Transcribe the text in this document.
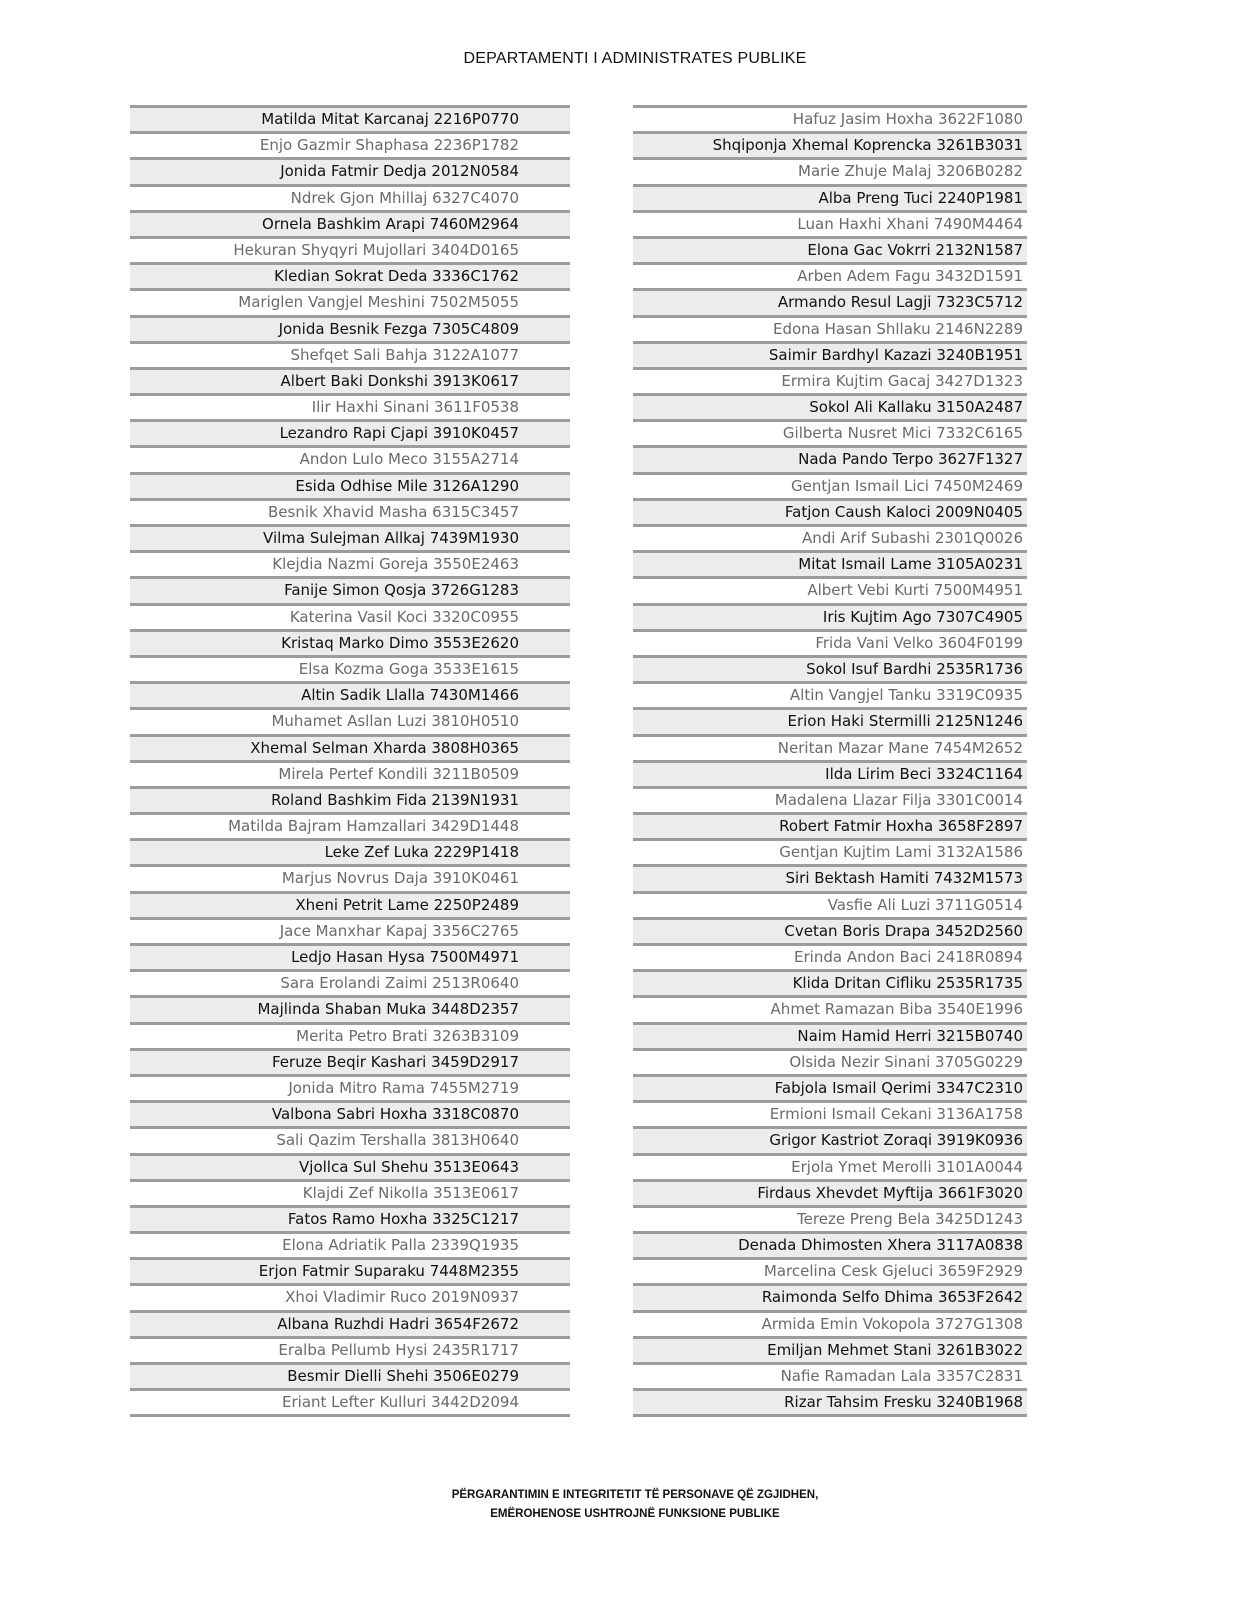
DEPARTAMENTI I ADMINISTRATES PUBLIKE
Matilda Mitat Karcanaj 2216P0770
Enjo Gazmir Shaphasa 2236P1782
Jonida Fatmir Dedja 2012N0584
Ndrek Gjon Mhillaj 6327C4070
Ornela Bashkim Arapi 7460M2964
Hekuran Shyqyri Mujollari 3404D0165
Kledian Sokrat Deda 3336C1762
Mariglen Vangjel Meshini 7502M5055
Jonida Besnik Fezga 7305C4809
Shefqet Sali Bahja 3122A1077
Albert Baki Donkshi 3913K0617
Ilir Haxhi Sinani 3611F0538
Lezandro Rapi Cjapi 3910K0457
Andon Lulo Meco 3155A2714
Esida Odhise Mile 3126A1290
Besnik Xhavid Masha 6315C3457
Vilma Sulejman Allkaj 7439M1930
Klejdia Nazmi Goreja 3550E2463
Fanije Simon Qosja 3726G1283
Katerina Vasil Koci 3320C0955
Kristaq Marko Dimo 3553E2620
Elsa Kozma Goga 3533E1615
Altin Sadik Llalla 7430M1466
Muhamet Asllan Luzi 3810H0510
Xhemal Selman Xharda 3808H0365
Mirela Pertef Kondili 3211B0509
Roland Bashkim Fida 2139N1931
Matilda Bajram Hamzallari 3429D1448
Leke Zef Luka 2229P1418
Marjus Novrus Daja 3910K0461
Xheni Petrit Lame 2250P2489
Jace Manxhar Kapaj 3356C2765
Ledjo Hasan Hysa 7500M4971
Sara Erolandi Zaimi 2513R0640
Majlinda Shaban Muka 3448D2357
Merita Petro Brati 3263B3109
Feruze Beqir Kashari 3459D2917
Jonida Mitro Rama 7455M2719
Valbona Sabri Hoxha 3318C0870
Sali Qazim Tershalla 3813H0640
Vjollca Sul Shehu 3513E0643
Klajdi Zef Nikolla 3513E0617
Fatos Ramo Hoxha 3325C1217
Elona Adriatik Palla 2339Q1935
Erjon Fatmir Suparaku 7448M2355
Xhoi Vladimir Ruco 2019N0937
Albana Ruzhdi Hadri 3654F2672
Eralba Pellumb Hysi 2435R1717
Besmir Dielli Shehi 3506E0279
Eriant Lefter Kulluri 3442D2094
Hafuz Jasim Hoxha 3622F1080
Shqiponja Xhemal Koprencka 3261B3031
Marie Zhuje Malaj 3206B0282
Alba Preng Tuci 2240P1981
Luan Haxhi Xhani 7490M4464
Elona Gac Vokrri 2132N1587
Arben Adem Fagu 3432D1591
Armando Resul Lagji 7323C5712
Edona Hasan Shllaku 2146N2289
Saimir Bardhyl Kazazi 3240B1951
Ermira Kujtim Gacaj 3427D1323
Sokol Ali Kallaku 3150A2487
Gilberta Nusret Mici 7332C6165
Nada Pando Terpo 3627F1327
Gentjan Ismail Lici 7450M2469
Fatjon Caush Kaloci 2009N0405
Andi Arif Subashi 2301Q0026
Mitat Ismail Lame 3105A0231
Albert Vebi Kurti 7500M4951
Iris Kujtim Ago 7307C4905
Frida Vani Velko 3604F0199
Sokol Isuf Bardhi 2535R1736
Altin Vangjel Tanku 3319C0935
Erion Haki Stermilli 2125N1246
Neritan Mazar Mane 7454M2652
Ilda Lirim Beci 3324C1164
Madalena Llazar Filja 3301C0014
Robert Fatmir Hoxha 3658F2897
Gentjan Kujtim Lami 3132A1586
Siri Bektash Hamiti 7432M1573
Vasfie Ali Luzi 3711G0514
Cvetan Boris Drapa 3452D2560
Erinda Andon Baci 2418R0894
Klida Dritan Cifliku 2535R1735
Ahmet Ramazan Biba 3540E1996
Naim Hamid Herri 3215B0740
Olsida Nezir Sinani 3705G0229
Fabjola Ismail Qerimi 3347C2310
Ermioni Ismail Cekani 3136A1758
Grigor Kastriot Zoraqi 3919K0936
Erjola Ymet Merolli 3101A0044
Firdaus Xhevdet Myftija 3661F3020
Tereze Preng Bela 3425D1243
Denada Dhimosten Xhera 3117A0838
Marcelina Cesk Gjeluci 3659F2929
Raimonda Selfo Dhima 3653F2642
Armida Emin Vokopola 3727G1308
Emiljan Mehmet Stani 3261B3022
Nafie Ramadan Lala 3357C2831
Rizar Tahsim Fresku 3240B1968
PËRGARANTIMIN E INTEGRITETIT TË PERSONAVE QË ZGJIDHEN,
EMËROHENOSE USHTROJNË FUNKSIONE PUBLIKE
